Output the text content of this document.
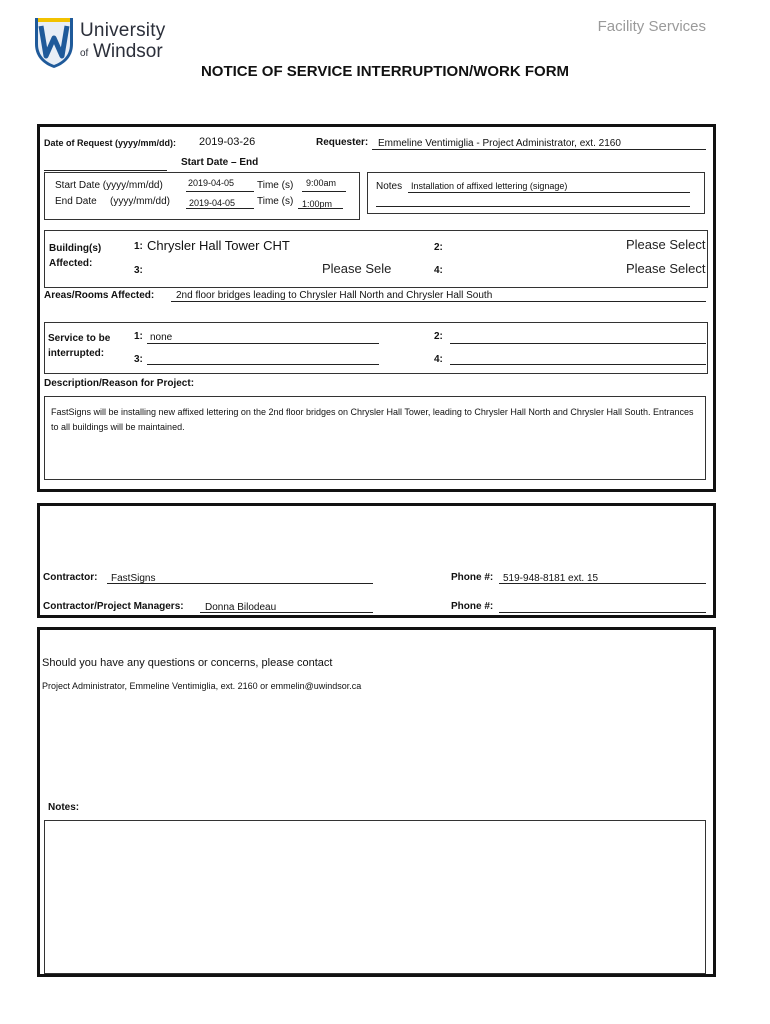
University
of Windsor
Facility Services
NOTICE OF SERVICE INTERRUPTION/WORK FORM
Date of Request (yyyy/mm/dd): 2019-03-26	Requester: Emmeline Ventimiglia - Project Administrator, ext. 2160
Start Date – End
Start Date (yyyy/mm/dd)	2019-04-05 Time (s) 9:00am
End Date (yyyy/mm/dd) 2019-04-05 Time (s) 1:00pm
Notes Installation of affixed lettering (signage)
Building(s)
Affected:
1: Chrysler Hall Tower CHT	2:	Please Select
3:	Please Sele	4:	Please Select
Areas/Rooms Affected: 2nd floor bridges leading to Chrysler Hall North and Chrysler Hall South
Service to be
interrupted:
1: none	2:
3:	4:
Description/Reason for Project:
FastSigns will be installing new affixed lettering on the 2nd floor bridges on Chrysler Hall Tower, leading to Chrysler Hall North and Chrysler Hall South. Entrances to all buildings will be maintained.
Contractor: FastSigns	Phone #: 519-948-8181 ext. 15
Contractor/Project Managers: Donna Bilodeau	Phone #:
Should you have any questions or concerns, please contact
Project Administrator, Emmeline Ventimiglia, ext. 2160 or emmelin@uwindsor.ca
Notes:
